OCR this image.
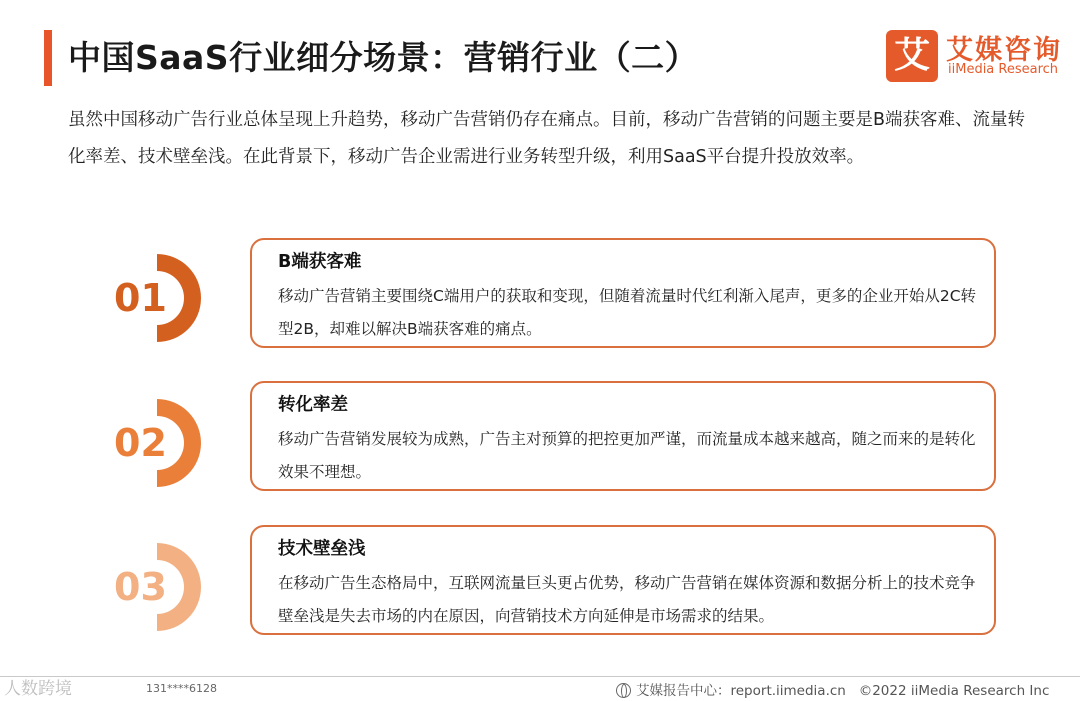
中国SaaS行业细分场景：营销行业（二）	艾 艾媒咨询
iiMedia Research
虽然中国移动广告行业总体呈现上升趋势，移动广告营销仍存在痛点。目前，移动广告营销的问题主要是B端获客难、流量转化率差、技术壁垒浅。在此背景下，移动广告企业需进行业务转型升级，利用SaaS平台提升投放效率。
01
B端获客难
移动广告营销主要围绕C端用户的获取和变现，但随着流量时代红利渐入尾声，更多的企业开始从2C转型2B，却难以解决B端获客难的痛点。
02
转化率差
移动广告营销发展较为成熟，广告主对预算的把控更加严谨，而流量成本越来越高，随之而来的是转化效果不理想。
03
技术壁垒浅
在移动广告生态格局中，互联网流量巨头更占优势，移动广告营销在媒体资源和数据分析上的技术竞争壁垒浅是失去市场的内在原因，向营销技术方向延伸是市场需求的结果。
人数跨境	131****6128	艾媒报告中心：report.iimedia.cn ©2022 iiMedia Research Inc
